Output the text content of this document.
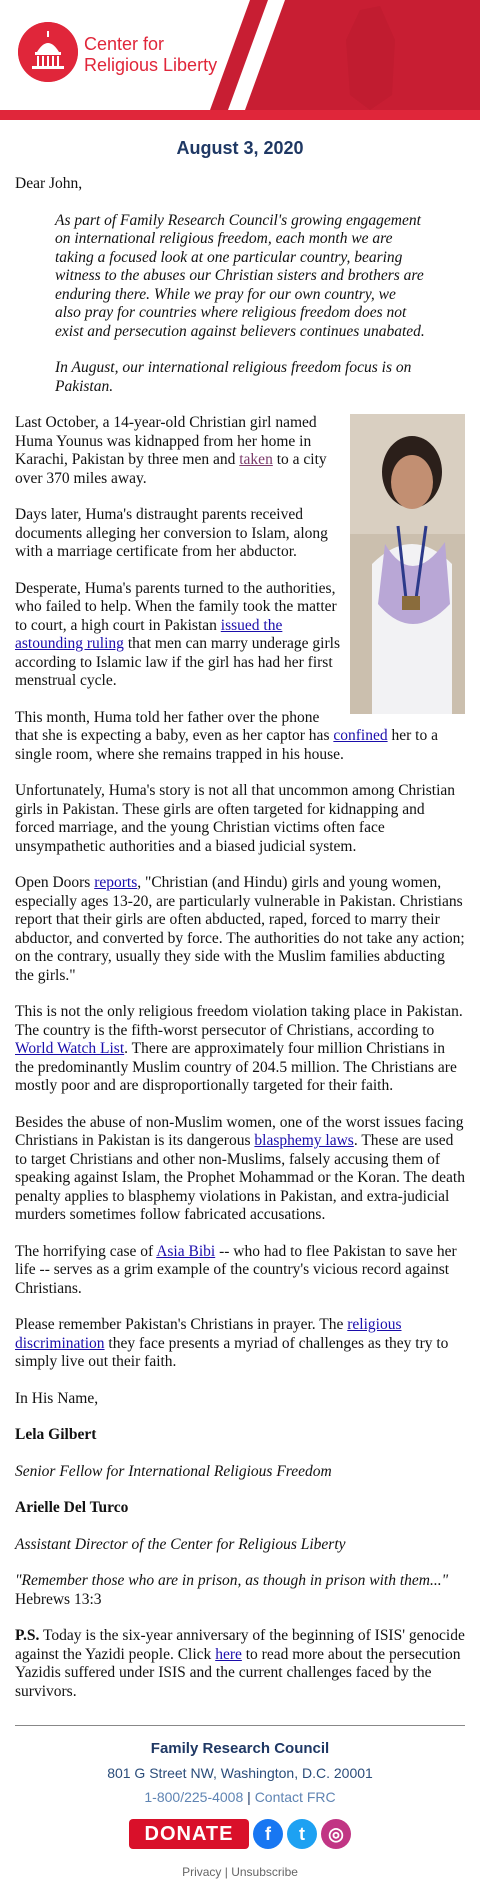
Center for
Religious Liberty
August 3, 2020

Dear John,

As part of Family Research Council's growing engagement on international religious freedom, each month we are taking a focused look at one particular country, bearing witness to the abuses our Christian sisters and brothers are enduring there. While we pray for our own country, we also pray for countries where religious freedom does not exist and persecution against believers continues unabated.

In August, our international religious freedom focus is on Pakistan.

Last October, a 14-year-old Christian girl named Huma Younus was kidnapped from her home in Karachi, Pakistan by three men and taken to a city over 370 miles away.

Days later, Huma's distraught parents received documents alleging her conversion to Islam, along with a marriage certificate from her abductor.

Desperate, Huma's parents turned to the authorities, who failed to help. When the family took the matter to court, a high court in Pakistan issued the astounding ruling that men can marry underage girls according to Islamic law if the girl has had her first menstrual cycle.

This month, Huma told her father over the phone that she is expecting a baby, even as her captor has confined her to a single room, where she remains trapped in his house.

Unfortunately, Huma's story is not all that uncommon among Christian girls in Pakistan. These girls are often targeted for kidnapping and forced marriage, and the young Christian victims often face unsympathetic authorities and a biased judicial system.

Open Doors reports, "Christian (and Hindu) girls and young women, especially ages 13-20, are particularly vulnerable in Pakistan. Christians report that their girls are often abducted, raped, forced to marry their abductor, and converted by force. The authorities do not take any action; on the contrary, usually they side with the Muslim families abducting the girls."

This is not the only religious freedom violation taking place in Pakistan. The country is the fifth-worst persecutor of Christians, according to World Watch List. There are approximately four million Christians in the predominantly Muslim country of 204.5 million. The Christians are mostly poor and are disproportionally targeted for their faith.

Besides the abuse of non-Muslim women, one of the worst issues facing Christians in Pakistan is its dangerous blasphemy laws. These are used to target Christians and other non-Muslims, falsely accusing them of speaking against Islam, the Prophet Mohammad or the Koran. The death penalty applies to blasphemy violations in Pakistan, and extra-judicial murders sometimes follow fabricated accusations.

The horrifying case of Asia Bibi -- who had to flee Pakistan to save her life -- serves as a grim example of the country's vicious record against Christians.

Please remember Pakistan's Christians in prayer. The religious discrimination they face presents a myriad of challenges as they try to simply live out their faith.

In His Name,

Lela Gilbert

Senior Fellow for International Religious Freedom

Arielle Del Turco

Assistant Director of the Center for Religious Liberty

"Remember those who are in prison, as though in prison with them..."
Hebrews 13:3

P.S. Today is the six-year anniversary of the beginning of ISIS' genocide against the Yazidi people. Click here to read more about the persecution Yazidis suffered under ISIS and the current challenges faced by the survivors.

Family Research Council
801 G Street NW, Washington, D.C. 20001
1-800/225-4008 | Contact FRC
DONATE	f	t	◎
Privacy | Unsubscribe
